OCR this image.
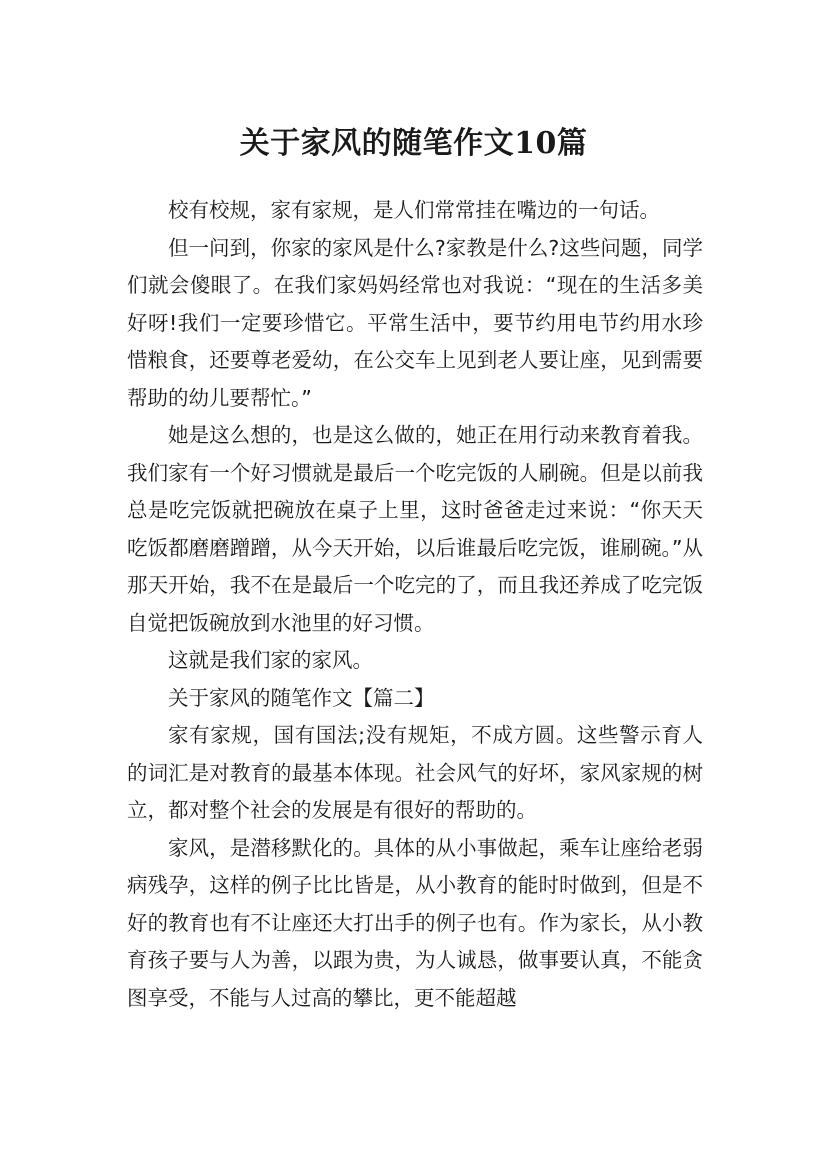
关于家风的随笔作文10篇

校有校规，家有家规，是人们常常挂在嘴边的一句话。

但一问到，你家的家风是什么?家教是什么?这些问题，同学们就会傻眼了。在我们家妈妈经常也对我说：“现在的生活多美好呀!我们一定要珍惜它。平常生活中，要节约用电节约用水珍惜粮食，还要尊老爱幼，在公交车上见到老人要让座，见到需要帮助的幼儿要帮忙。”

她是这么想的，也是这么做的，她正在用行动来教育着我。我们家有一个好习惯就是最后一个吃完饭的人刷碗。但是以前我总是吃完饭就把碗放在桌子上里，这时爸爸走过来说：“你天天吃饭都磨磨蹭蹭，从今天开始，以后谁最后吃完饭，谁刷碗。”从那天开始，我不在是最后一个吃完的了，而且我还养成了吃完饭自觉把饭碗放到水池里的好习惯。

这就是我们家的家风。

关于家风的随笔作文【篇二】

家有家规，国有国法;没有规矩，不成方圆。这些警示育人的词汇是对教育的最基本体现。社会风气的好坏，家风家规的树立，都对整个社会的发展是有很好的帮助的。

家风，是潜移默化的。具体的从小事做起，乘车让座给老弱病残孕，这样的例子比比皆是，从小教育的能时时做到，但是不好的教育也有不让座还大打出手的例子也有。作为家长，从小教育孩子要与人为善，以跟为贵，为人诚恳，做事要认真，不能贪图享受，不能与人过高的攀比，更不能超越
